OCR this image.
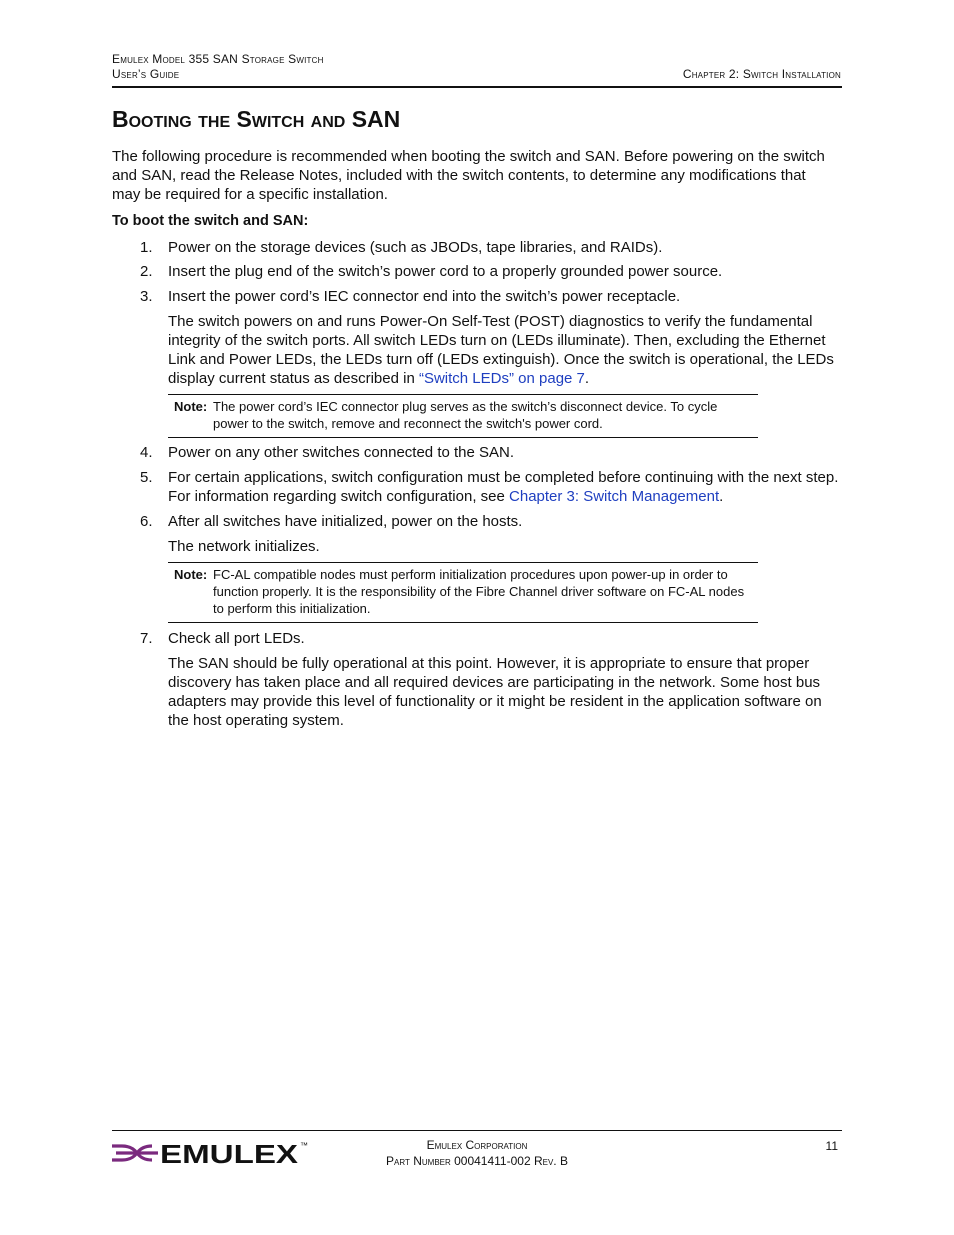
Emulex Model 355 SAN Storage Switch
User’s Guide	Chapter 2: Switch Installation
Booting the Switch and SAN

The following procedure is recommended when booting the switch and SAN. Before powering on the switch and SAN, read the Release Notes, included with the switch contents, to determine any modifications that may be required for a specific installation.

To boot the switch and SAN:

1.	Power on the storage devices (such as JBODs, tape libraries, and RAIDs).
2.	Insert the plug end of the switch’s power cord to a properly grounded power source.
3.	Insert the power cord’s IEC connector end into the switch’s power receptacle.

The switch powers on and runs Power-On Self-Test (POST) diagnostics to verify the fundamental integrity of the switch ports. All switch LEDs turn on (LEDs illuminate). Then, excluding the Ethernet Link and Power LEDs, the LEDs turn off (LEDs extinguish). Once the switch is operational, the LEDs display current status as described in “Switch LEDs” on page 7.

Note: The power cord’s IEC connector plug serves as the switch’s disconnect device. To cycle power to the switch, remove and reconnect the switch's power cord.
4.	Power on any other switches connected to the SAN.
5.	For certain applications, switch configuration must be completed before continuing with the next step. For information regarding switch configuration, see Chapter 3: Switch Management.
6.	After all switches have initialized, power on the hosts.

The network initializes.

Note: FC-AL compatible nodes must perform initialization procedures upon power-up in order to function properly. It is the responsibility of the Fibre Channel driver software on FC-AL nodes to perform this initialization.
7.	Check all port LEDs.

The SAN should be fully operational at this point. However, it is appropriate to ensure that proper discovery has taken place and all required devices are participating in the network. Some host bus adapters may provide this level of functionality or it might be resident in the application software on the host operating system.

EMULEX ™	Emulex Corporation
Part Number 00041411-002 Rev. B
11
